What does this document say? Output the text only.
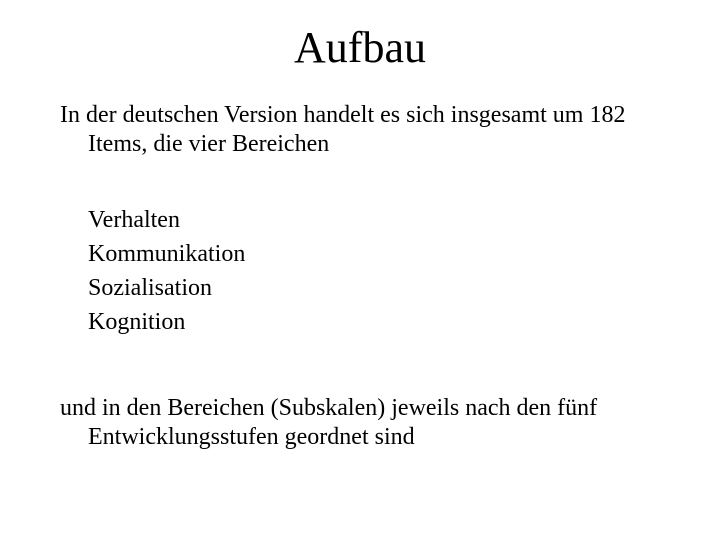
Aufbau

In der deutschen Version handelt es sich insgesamt um 182 Items, die vier Bereichen

Verhalten
Kommunikation
Sozialisation
Kognition

und in den Bereichen (Subskalen) jeweils nach den fünf Entwicklungsstufen geordnet sind
